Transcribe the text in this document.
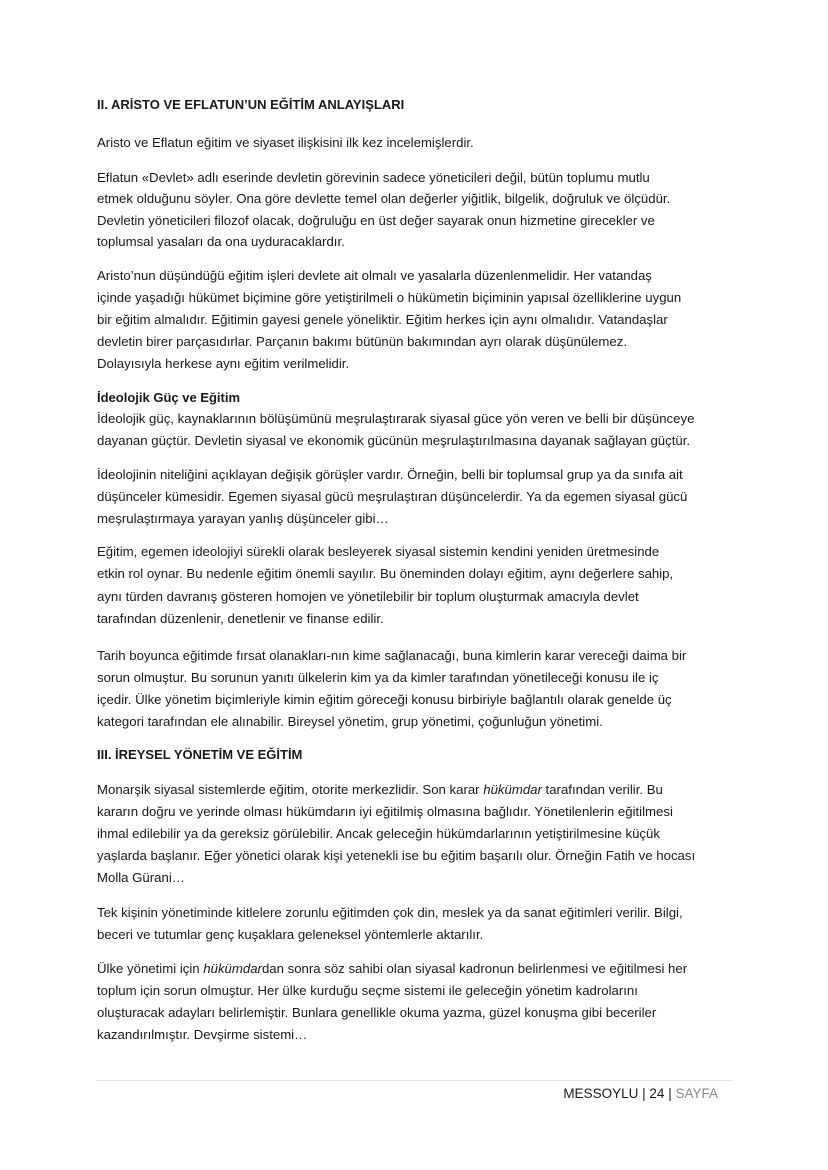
II. ARİSTO VE EFLATUN’UN EĞİTİM ANLAYIŞLARI
Aristo ve Eflatun eğitim ve siyaset ilişkisini ilk kez incelemişlerdir.
Eflatun «Devlet» adlı eserinde devletin görevinin sadece yöneticileri değil, bütün toplumu mutlu
etmek olduğunu söyler. Ona göre devlette temel olan değerler yiğitlik, bilgelik, doğruluk ve ölçüdür.
Devletin yöneticileri filozof olacak, doğruluğu en üst değer sayarak onun hizmetine girecekler ve
toplumsal yasaları da ona uyduracaklardır.
Aristo’nun düşündüğü eğitim işleri devlete ait olmalı ve yasalarla düzenlenmelidir. Her vatandaş
içinde yaşadığı hükümet biçimine göre yetiştirilmeli o hükümetin biçiminin yapısal özelliklerine uygun
bir eğitim almalıdır. Eğitimin gayesi genele yöneliktir. Eğitim herkes için aynı olmalıdır. Vatandaşlar
devletin birer parçasıdırlar. Parçanın bakımı bütünün bakımından ayrı olarak düşünülemez.
Dolayısıyla herkese aynı eğitim verilmelidir.
İdeolojik Güç ve Eğitim
İdeolojik güç, kaynaklarının bölüşümünü meşrulaştırarak siyasal güce yön veren ve belli bir düşünceye
dayanan güçtür. Devletin siyasal ve ekonomik gücünün meşrulaştırılmasına dayanak sağlayan güçtür.
İdeolojinin niteliğini açıklayan değişik görüşler vardır. Örneğin, belli bir toplumsal grup ya da sınıfa ait
düşünceler kümesidir. Egemen siyasal gücü meşrulaştıran düşüncelerdir. Ya da egemen siyasal gücü
meşrulaştırmaya yarayan yanlış düşünceler gibi…
Eğitim, egemen ideolojiyi sürekli olarak besleyerek siyasal sistemin kendini yeniden üretmesinde
etkin rol oynar. Bu nedenle eğitim önemli sayılır. Bu öneminden dolayı eğitim, aynı değerlere sahip,
aynı türden davranış gösteren homojen ve yönetilebilir bir toplum oluşturmak amacıyla devlet
tarafından düzenlenir, denetlenir ve finanse edilir.
Tarih boyunca eğitimde fırsat olanakları-nın kime sağlanacağı, buna kimlerin karar vereceği daima bir
sorun olmuştur. Bu sorunun yanıtı ülkelerin kim ya da kimler tarafından yönetileceği konusu ile iç
içedir. Ülke yönetim biçimleriyle kimin eğitim göreceği konusu birbiriyle bağlantılı olarak genelde üç
kategori tarafından ele alınabilir. Bireysel yönetim, grup yönetimi, çoğunluğun yönetimi.
III. İREYSEL YÖNETİM VE EĞİTİM
Monarşik siyasal sistemlerde eğitim, otorite merkezlidir. Son karar hükümdar tarafından verilir. Bu
kararın doğru ve yerinde olması hükümdarın iyi eğitilmiş olmasına bağlıdır. Yönetilenlerin eğitilmesi
ihmal edilebilir ya da gereksiz görülebilir. Ancak geleceğin hükümdarlarının yetiştirilmesine küçük
yaşlarda başlanır. Eğer yönetici olarak kişi yetenekli ise bu eğitim başarılı olur. Örneğin Fatih ve hocası
Molla Gürani…
Tek kişinin yönetiminde kitlelere zorunlu eğitimden çok din, meslek ya da sanat eğitimleri verilir. Bilgi,
beceri ve tutumlar genç kuşaklara geleneksel yöntemlerle aktarılır.
Ülke yönetimi için hükümdardan sonra söz sahibi olan siyasal kadronun belirlenmesi ve eğitilmesi her
toplum için sorun olmuştur. Her ülke kurduğu seçme sistemi ile geleceğin yönetim kadrolarını
oluşturacak adayları belirlemiştir. Bunlara genellikle okuma yazma, güzel konuşma gibi beceriler
kazandırılmıştır. Devşirme sistemi…
MESSOYLU | 24 | SAYFA
